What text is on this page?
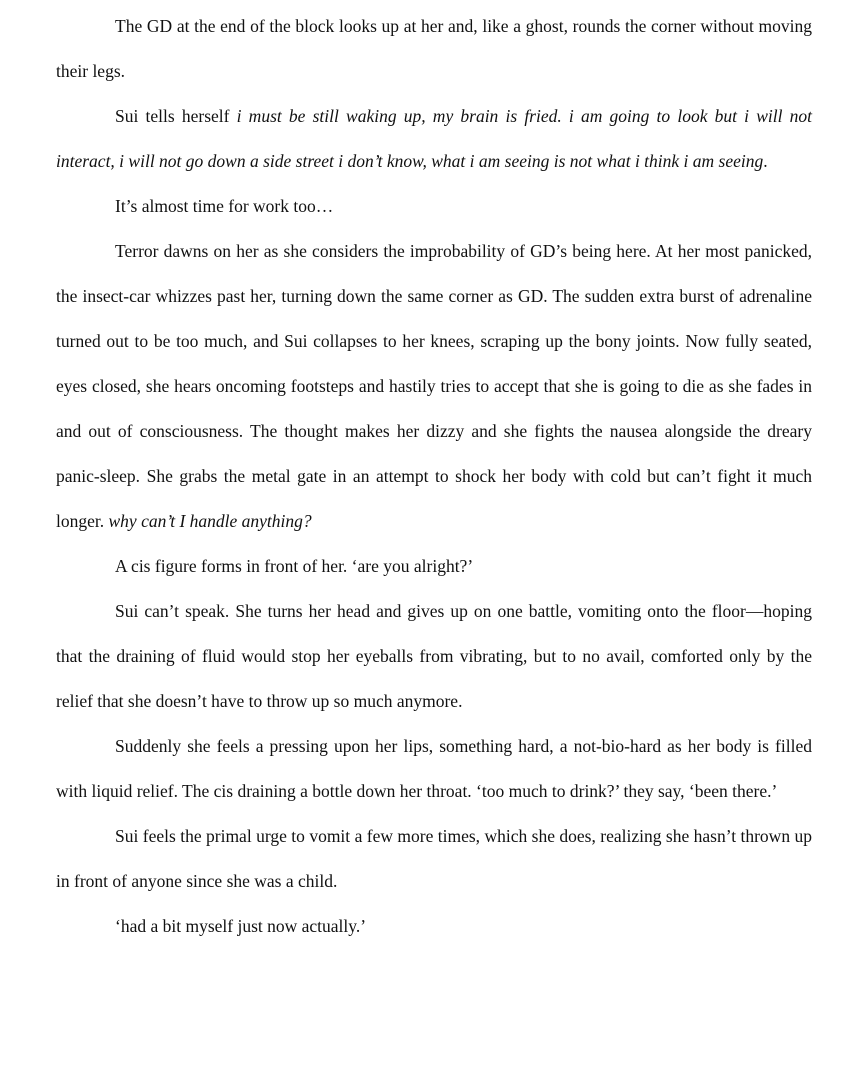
The GD at the end of the block looks up at her and, like a ghost, rounds the corner without moving their legs.

Sui tells herself i must be still waking up, my brain is fried. i am going to look but i will not interact, i will not go down a side street i don’t know, what i am seeing is not what i think i am seeing.

It’s almost time for work too…

Terror dawns on her as she considers the improbability of GD’s being here. At her most panicked, the insect-car whizzes past her, turning down the same corner as GD. The sudden extra burst of adrenaline turned out to be too much, and Sui collapses to her knees, scraping up the bony joints. Now fully seated, eyes closed, she hears oncoming footsteps and hastily tries to accept that she is going to die as she fades in and out of consciousness. The thought makes her dizzy and she fights the nausea alongside the dreary panic-sleep. She grabs the metal gate in an attempt to shock her body with cold but can’t fight it much longer. why can’t I handle anything?

A cis figure forms in front of her. ‘are you alright?’

Sui can’t speak. She turns her head and gives up on one battle, vomiting onto the floor—hoping that the draining of fluid would stop her eyeballs from vibrating, but to no avail, comforted only by the relief that she doesn’t have to throw up so much anymore.

Suddenly she feels a pressing upon her lips, something hard, a not-bio-hard as her body is filled with liquid relief. The cis draining a bottle down her throat. ‘too much to drink?’ they say, ‘been there.’

Sui feels the primal urge to vomit a few more times, which she does, realizing she hasn’t thrown up in front of anyone since she was a child.

‘had a bit myself just now actually.’
